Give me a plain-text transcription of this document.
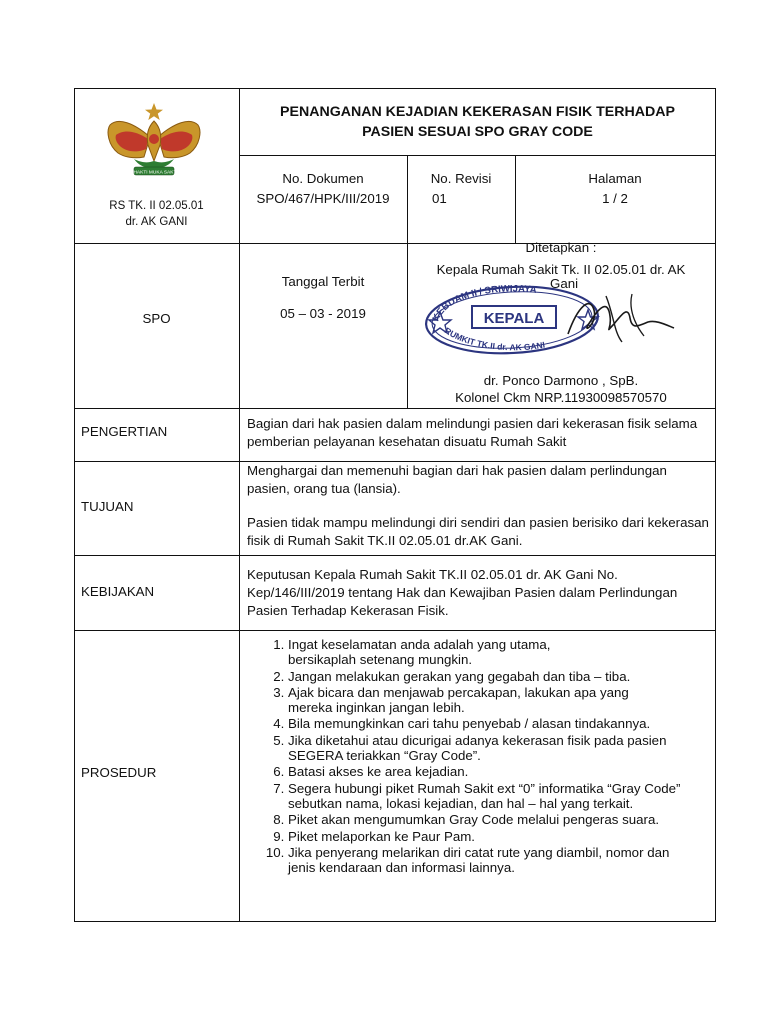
BHAKTI MUKA SAKTI
RS TK. II 02.05.01
dr. AK GANI
PENANGANAN KEJADIAN KEKERASAN FISIK TERHADAP
PASIEN SESUAI SPO GRAY CODE
No. Dokumen
SPO/467/HPK/III/2019
No. Revisi
01
Halaman
1 / 2
SPO
Tanggal Terbit
05 – 03 - 2019
Ditetapkan :
Kepala Rumah Sakit Tk. II 02.05.01 dr. AK
Gani
KEBDAM II / SRIWIJAYA
KEPALA
RUMKIT TK.II dr. AK GANI
dr. Ponco Darmono , SpB.
Kolonel Ckm NRP.11930098570570
PENGERTIAN
Bagian dari hak pasien dalam melindungi pasien dari kekerasan fisik selama pemberian pelayanan kesehatan disuatu Rumah Sakit
TUJUAN
Menghargai dan memenuhi bagian dari hak pasien dalam perlindungan pasien, orang tua (lansia).
Pasien tidak mampu melindungi diri sendiri dan pasien berisiko dari kekerasan fisik di Rumah Sakit TK.II 02.05.01 dr.AK Gani.
KEBIJAKAN
Keputusan Kepala Rumah Sakit TK.II 02.05.01 dr. AK Gani No. Kep/146/III/2019 tentang Hak dan Kewajiban Pasien dalam Perlindungan Pasien Terhadap Kekerasan Fisik.
PROSEDUR
1. Ingat keselamatan anda adalah yang utama, bersikaplah setenang mungkin.
2. Jangan melakukan gerakan yang gegabah dan tiba – tiba.
3. Ajak bicara dan menjawab percakapan, lakukan apa yang mereka inginkan jangan lebih.
4. Bila memungkinkan cari tahu penyebab / alasan tindakannya.
5. Jika diketahui atau dicurigai adanya kekerasan fisik pada pasien SEGERA teriakkan “Gray Code”.
6. Batasi akses ke area kejadian.
7. Segera hubungi piket Rumah Sakit ext “0” informatika “Gray Code” sebutkan nama, lokasi kejadian, dan hal – hal yang terkait.
8. Piket akan mengumumkan Gray Code melalui pengeras suara.
9. Piket melaporkan ke Paur Pam.
10. Jika penyerang melarikan diri catat rute yang diambil, nomor dan jenis kendaraan dan informasi lainnya.
